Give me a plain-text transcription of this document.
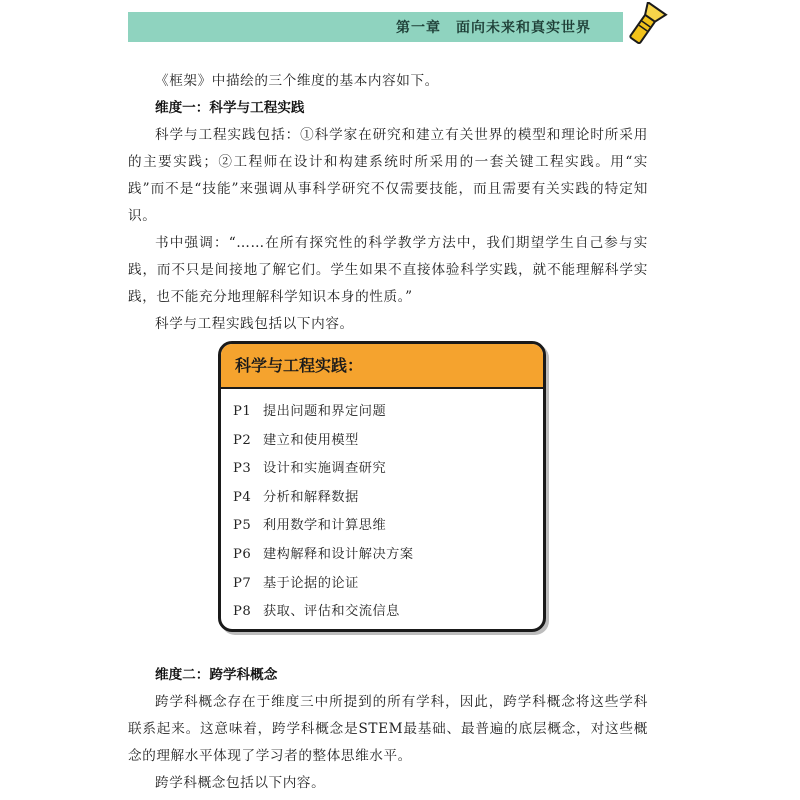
第一章　面向未来和真实世界

《框架》中描绘的三个维度的基本内容如下。

维度一：科学与工程实践

科学与工程实践包括：①科学家在研究和建立有关世界的模型和理论时所采用的主要实践；②工程师在设计和构建系统时所采用的一套关键工程实践。用“实践”而不是“技能”来强调从事科学研究不仅需要技能，而且需要有关实践的特定知识。

书中强调：“……在所有探究性的科学教学方法中，我们期望学生自己参与实践，而不只是间接地了解它们。学生如果不直接体验科学实践，就不能理解科学实践，也不能充分地理解科学知识本身的性质。”

科学与工程实践包括以下内容。

科学与工程实践：
P1 提出问题和界定问题
P2 建立和使用模型
P3 设计和实施调查研究
P4 分析和解释数据
P5 利用数学和计算思维
P6 建构解释和设计解决方案
P7 基于论据的论证
P8 获取、评估和交流信息

维度二：跨学科概念

跨学科概念存在于维度三中所提到的所有学科，因此，跨学科概念将这些学科联系起来。这意味着，跨学科概念是STEM最基础、最普遍的底层概念，对这些概念的理解水平体现了学习者的整体思维水平。

跨学科概念包括以下内容。
